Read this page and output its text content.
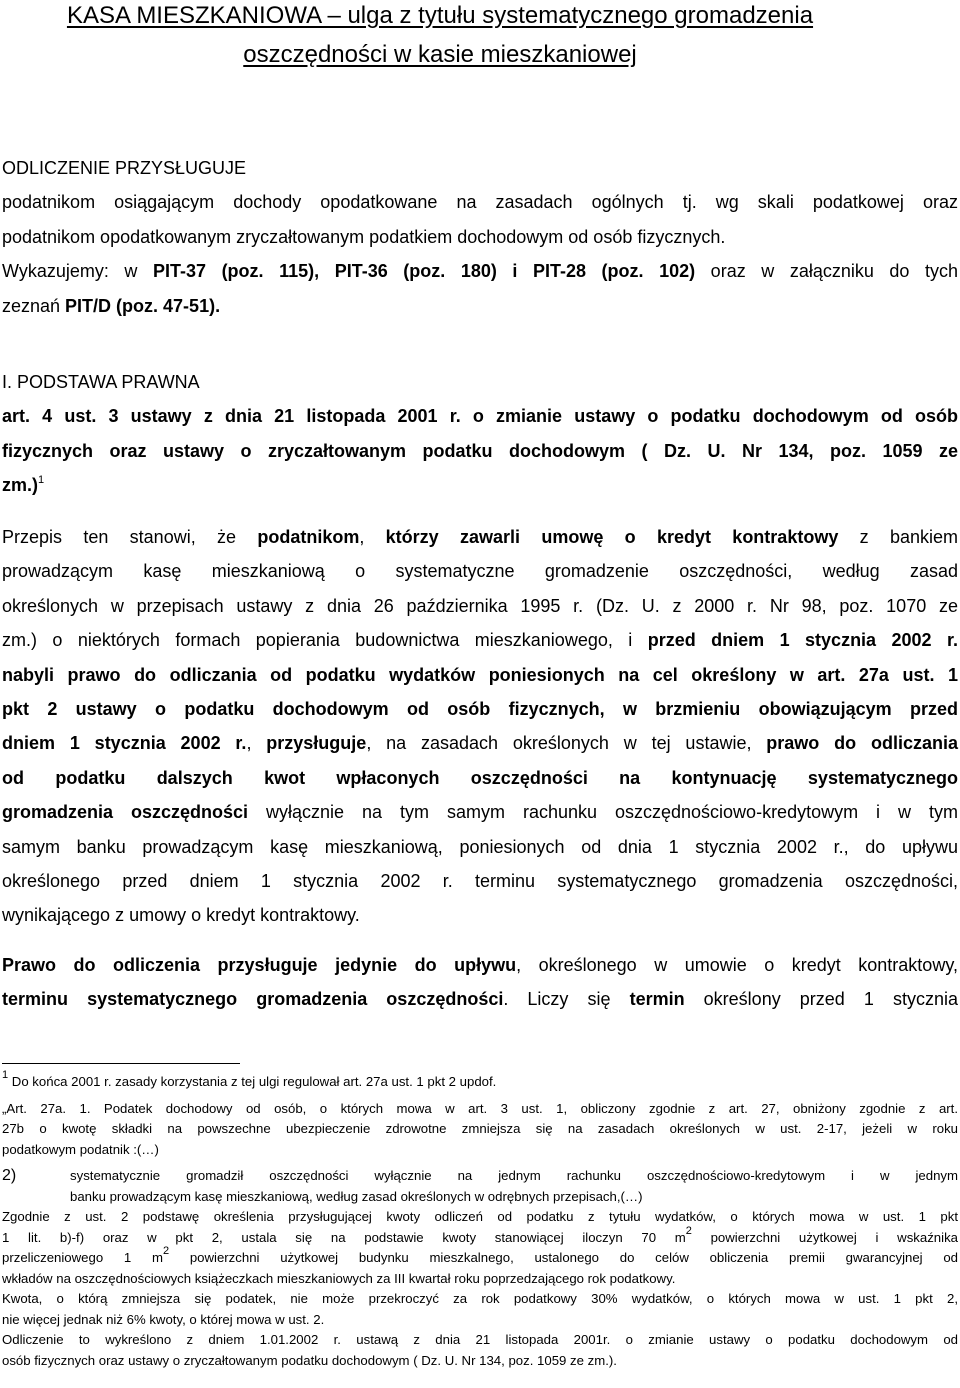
KASA MIESZKANIOWA – ulga z tytułu systematycznego gromadzenia
oszczędności w kasie mieszkaniowej
ODLICZENIE PRZYSŁUGUJE
podatnikom osiągającym dochody opodatkowane na zasadach ogólnych tj. wg skali podatkowej oraz
podatnikom opodatkowanym zryczałtowanym podatkiem dochodowym od osób fizycznych.
Wykazujemy: w PIT-37 (poz. 115), PIT-36 (poz. 180) i PIT-28 (poz. 102) oraz w załączniku do tych
zeznań PIT/D (poz. 47-51).
I. PODSTAWA PRAWNA
art. 4 ust. 3 ustawy z dnia 21 listopada 2001 r. o zmianie ustawy o podatku dochodowym od osób
fizycznych oraz ustawy o zryczałtowanym podatku dochodowym ( Dz. U. Nr 134, poz. 1059 ze
zm.)$^1$
Przepis ten stanowi, że podatnikom, którzy zawarli umowę o kredyt kontraktowy z bankiem
prowadzącym kasę mieszkaniową o systematyczne gromadzenie oszczędności, według zasad
określonych w przepisach ustawy z dnia 26 października 1995 r. (Dz. U. z 2000 r. Nr 98, poz. 1070 ze
zm.) o niektórych formach popierania budownictwa mieszkaniowego, i przed dniem 1 stycznia 2002 r.
nabyli prawo do odliczania od podatku wydatków poniesionych na cel określony w art. 27a ust. 1
pkt 2 ustawy o podatku dochodowym od osób fizycznych, w brzmieniu obowiązującym przed
dniem 1 stycznia 2002 r., przysługuje, na zasadach określonych w tej ustawie, prawo do odliczania
od podatku dalszych kwot wpłaconych oszczędności na kontynuację systematycznego
gromadzenia oszczędności wyłącznie na tym samym rachunku oszczędnościowo-kredytowym i w tym
samym banku prowadzącym kasę mieszkaniową, poniesionych od dnia 1 stycznia 2002 r., do upływu
określonego przed dniem 1 stycznia 2002 r. terminu systematycznego gromadzenia oszczędności,
wynikającego z umowy o kredyt kontraktowy.
Prawo do odliczenia przysługuje jedynie do upływu, określonego w umowie o kredyt kontraktowy,
terminu systematycznego gromadzenia oszczędności. Liczy się termin określony przed 1 stycznia
$^1$ Do końca 2001 r. zasady korzystania z tej ulgi regulował art. 27a ust. 1 pkt 2 updof.
„Art. 27a. 1. Podatek dochodowy od osób, o których mowa w art. 3 ust. 1, obliczony zgodnie z art. 27, obniżony zgodnie z art.
27b o kwotę składki na powszechne ubezpieczenie zdrowotne zmniejsza się na zasadach określonych w ust. 2-17, jeżeli w roku
podatkowym podatnik :(…)
2)	systematycznie gromadził oszczędności wyłącznie na jednym rachunku oszczędnościowo-kredytowym i w jednym
banku prowadzącym kasę mieszkaniową, według zasad określonych w odrębnych przepisach,(…)
Zgodnie z ust. 2 podstawę określenia przysługującej kwoty odliczeń od podatku z tytułu wydatków, o których mowa w ust. 1 pkt
1 lit. b)-f) oraz w pkt 2, ustala się na podstawie kwoty stanowiącej iloczyn 70 $m^2$ powierzchni użytkowej i wskaźnika
przeliczeniowego 1 $m^2$ powierzchni użytkowej budynku mieszkalnego, ustalonego do celów obliczenia premii gwarancyjnej od
wkładów na oszczędnościowych książeczkach mieszkaniowych za III kwartał roku poprzedzającego rok podatkowy.
Kwota, o którą zmniejsza się podatek, nie może przekroczyć za rok podatkowy 30% wydatków, o których mowa w ust. 1 pkt 2,
nie więcej jednak niż 6% kwoty, o której mowa w ust. 2.
Odliczenie to wykreślono z dniem 1.01.2002 r. ustawą z dnia 21 listopada 2001r. o zmianie ustawy o podatku dochodowym od
osób fizycznych oraz ustawy o zryczałtowanym podatku dochodowym ( Dz. U. Nr 134, poz. 1059 ze zm.).
